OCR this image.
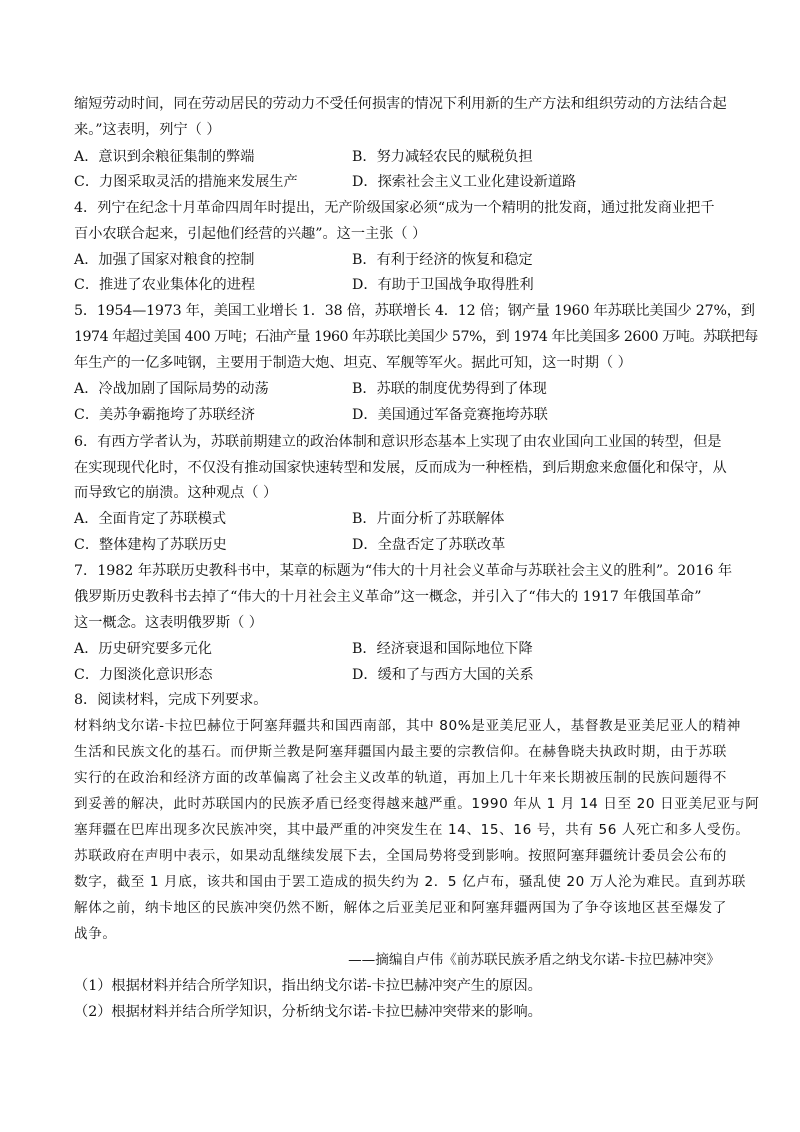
缩短劳动时间，同在劳动居民的劳动力不受任何损害的情况下利用新的生产方法和组织劳动的方法结合起
来。”这表明，列宁（ ）
A．意识到余粮征集制的弊端	B．努力减轻农民的赋税负担
C．力图采取灵活的措施来发展生产	D．探索社会主义工业化建设新道路
4．列宁在纪念十月革命四周年时提出，无产阶级国家必须“成为一个精明的批发商，通过批发商业把千
百小农联合起来，引起他们经营的兴趣”。这一主张（ ）
A．加强了国家对粮食的控制	B．有利于经济的恢复和稳定
C．推进了农业集体化的进程	D．有助于卫国战争取得胜利
5．1954—1973 年，美国工业增长 1．38 倍，苏联增长 4．12 倍；钢产量 1960 年苏联比美国少 27%，到
1974 年超过美国 400 万吨；石油产量 1960 年苏联比美国少 57%，到 1974 年比美国多 2600 万吨。苏联把每
年生产的一亿多吨钢，主要用于制造大炮、坦克、军舰等军火。据此可知，这一时期（ ）
A．冷战加剧了国际局势的动荡	B．苏联的制度优势得到了体现
C．美苏争霸拖垮了苏联经济	D．美国通过军备竞赛拖垮苏联
6．有西方学者认为，苏联前期建立的政治体制和意识形态基本上实现了由农业国向工业国的转型，但是
在实现现代化时，不仅没有推动国家快速转型和发展，反而成为一种桎梏，到后期愈来愈僵化和保守，从
而导致它的崩溃。这种观点（ ）
A．全面肯定了苏联模式	B．片面分析了苏联解体
C．整体建构了苏联历史	D．全盘否定了苏联改革
7．1982 年苏联历史教科书中，某章的标题为“伟大的十月社会义革命与苏联社会主义的胜利”。2016 年
俄罗斯历史教科书去掉了“伟大的十月社会主义革命”这一概念，并引入了“伟大的 1917 年俄国革命”
这一概念。这表明俄罗斯（ ）
A．历史研究要多元化	B．经济衰退和国际地位下降
C．力图淡化意识形态	D．缓和了与西方大国的关系
8．阅读材料，完成下列要求。
材料纳戈尔诺-卡拉巴赫位于阿塞拜疆共和国西南部，其中 80%是亚美尼亚人，基督教是亚美尼亚人的精神
生活和民族文化的基石。而伊斯兰教是阿塞拜疆国内最主要的宗教信仰。在赫鲁晓夫执政时期，由于苏联
实行的在政治和经济方面的改革偏离了社会主义改革的轨道，再加上几十年来长期被压制的民族问题得不
到妥善的解决，此时苏联国内的民族矛盾已经变得越来越严重。1990 年从 1 月 14 日至 20 日亚美尼亚与阿
塞拜疆在巴库出现多次民族冲突，其中最严重的冲突发生在 14、15、16 号，共有 56 人死亡和多人受伤。
苏联政府在声明中表示，如果动乱继续发展下去，全国局势将受到影响。按照阿塞拜疆统计委员会公布的
数字，截至 1 月底，该共和国由于罢工造成的损失约为 2．5 亿卢布，骚乱使 20 万人沦为难民。直到苏联
解体之前，纳卡地区的民族冲突仍然不断，解体之后亚美尼亚和阿塞拜疆两国为了争夺该地区甚至爆发了
战争。
——摘编自卢伟《前苏联民族矛盾之纳戈尔诺-卡拉巴赫冲突》
（1）根据材料并结合所学知识，指出纳戈尔诺-卡拉巴赫冲突产生的原因。
（2）根据材料并结合所学知识，分析纳戈尔诺-卡拉巴赫冲突带来的影响。
